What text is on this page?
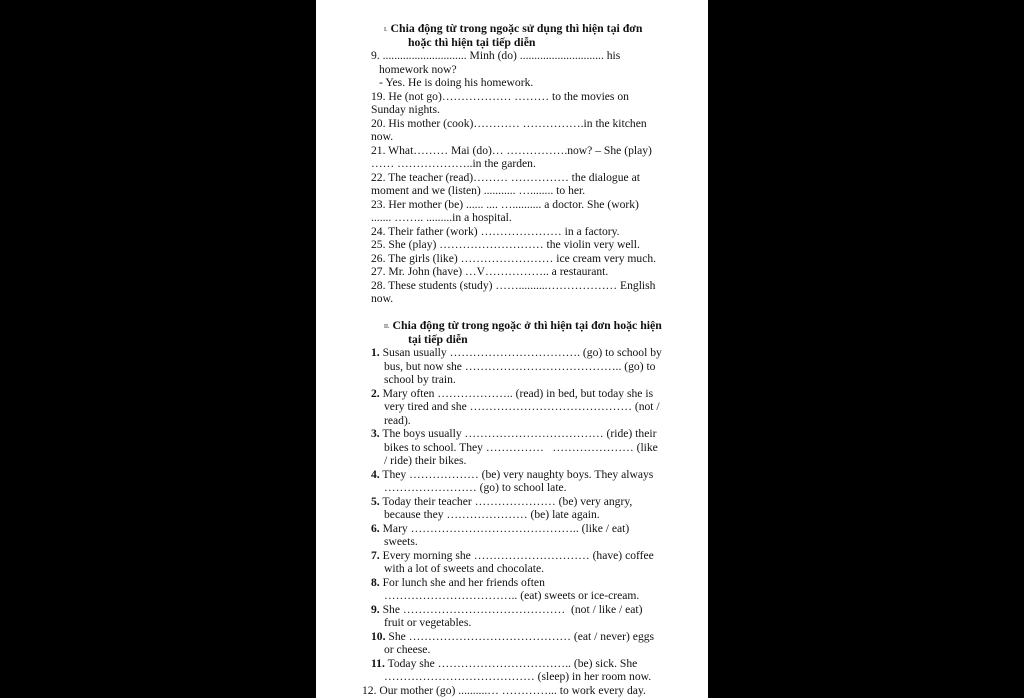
I. Chia động từ trong ngoặc sử dụng thì hiện tại đơn
hoặc thì hiện tại tiếp diễn
9. ............................. Minh (do) ............................. his
homework now?
- Yes. He is doing his homework.
19. He (not go)……………… ……… to the movies on
Sunday nights.
20. His mother (cook)………… …………….in the kitchen
now.
21. What……… Mai (do)… …………….now? – She (play)
…… ………………..in the garden.
22. The teacher (read)……… …………… the dialogue at
moment and we (listen) ........... …........ to her.
23. Her mother (be) ...... .... ….......... a doctor. She (work)
....... …….. .........in a hospital.
24. Their father (work) ………………… in a factory.
25. She (play) ……………………… the violin very well.
26. The girls (like) …………………… ice cream very much.
27. Mr. John (have) …V…………….. a restaurant.
28. These students (study) ……..........……………… English
now.
II. Chia động từ trong ngoặc ở thì hiện tại đơn hoặc hiện
tại tiếp diễn
1. Susan usually ……………………………. (go) to school by
bus, but now she ………………………………….. (go) to
school by train.
2. Mary often ……………….. (read) in bed, but today she is
very tired and she …………………………………… (not /
read).
3. The boys usually ……………………………… (ride) their
bikes to school. They ……………   ………………… (like
/ ride) their bikes.
4. They ……………… (be) very naughty boys. They always
…………………… (go) to school late.
5. Today their teacher ………………… (be) very angry,
because they ………………… (be) late again.
6. Mary …………………………………….. (like / eat)
sweets.
7. Every morning she ………………………… (have) coffee
with a lot of sweets and chocolate.
8. For lunch she and her friends often
…………………………….. (eat) sweets or ice-cream.
9. She ……………………………………  (not / like / eat)
fruit or vegetables.
10. She …………………………………… (eat / never) eggs
or cheese.
11. Today she …………………………….. (be) sick. She
………………………………… (sleep) in her room now.
12. Our mother (go) ..........… …………... to work every day.
